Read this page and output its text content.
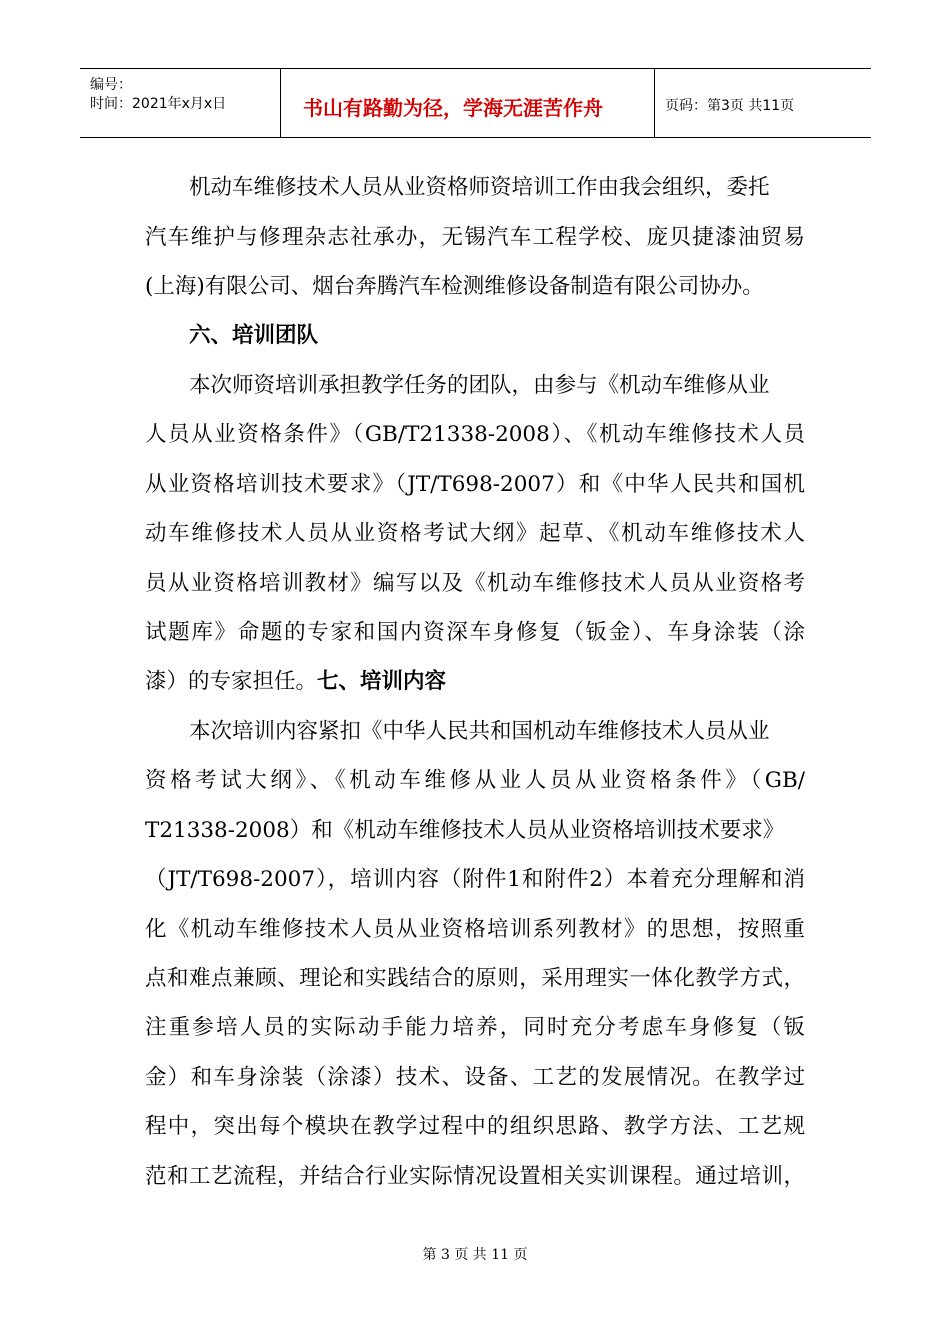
编号：
时间：2021年x月x日	书山有路勤为径，学海无涯苦作舟	页码：第3页 共11页
机动车维修技术人员从业资格师资培训工作由我会组织，委托
汽车维护与修理杂志社承办，无锡汽车工程学校、庞贝捷漆油贸易
(上海)有限公司、烟台奔腾汽车检测维修设备制造有限公司协办。
六、培训团队
本次师资培训承担教学任务的团队，由参与《机动车维修从业
人员从业资格条件》（GB/T21338-2008）、《机动车维修技术人员
从业资格培训技术要求》（JT/T698-2007）和《中华人民共和国机
动车维修技术人员从业资格考试大纲》起草、《机动车维修技术人
员从业资格培训教材》编写以及《机动车维修技术人员从业资格考
试题库》命题的专家和国内资深车身修复（钣金）、车身涂装（涂
漆）的专家担任。七、培训内容
本次培训内容紧扣《中华人民共和国机动车维修技术人员从业
资格考试大纲》、《机动车维修从业人员从业资格条件》（GB/
T21338-2008）和《机动车维修技术人员从业资格培训技术要求》
（JT/T698-2007），培训内容（附件1和附件2）本着充分理解和消
化《机动车维修技术人员从业资格培训系列教材》的思想，按照重
点和难点兼顾、理论和实践结合的原则，采用理实一体化教学方式，
注重参培人员的实际动手能力培养，同时充分考虑车身修复（钣
金）和车身涂装（涂漆）技术、设备、工艺的发展情况。在教学过
程中，突出每个模块在教学过程中的组织思路、教学方法、工艺规
范和工艺流程，并结合行业实际情况设置相关实训课程。通过培训，
第 3 页 共 11 页
